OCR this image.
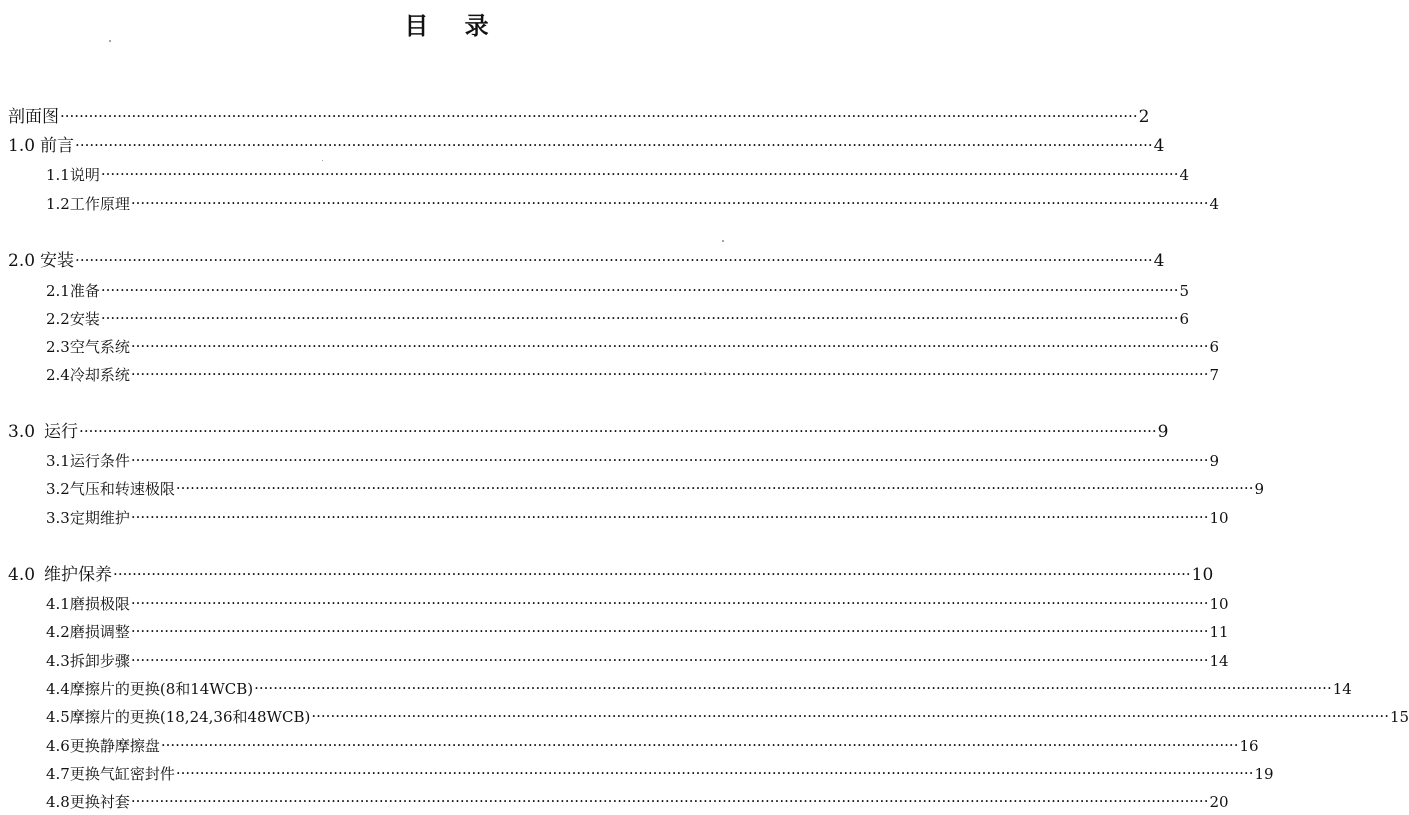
目 录
剖面图 ·····	2
1.0 前言 ·····	4
1.1 说明 ·····	4
1.2 工作原理 ·····	4
2.0 安装 ·····	4
2.1 准备 ·····	5
2.2 安装 ·····	6
2.3 空气系统 ·····	6
2.4 冷却系统 ·····	7
3.0 运行 ·····	9
3.1 运行条件 ·····	9
3.2 气压和转速极限 ·····	9
3.3 定期维护 ·····	10
4.0 维护保养 ·····	10
4.1 磨损极限 ·····	10
4.2 磨损调整 ·····	11
4.3 拆卸步骤 ·····	14
4.4 摩擦片的更换(8和14WCB) ·····	14
4.5 摩擦片的更换(18,24,36和48WCB) ·····	15
4.6 更换静摩擦盘 ·····	16
4.7 更换气缸密封件 ·····	19
4.8 更换衬套 ·····	20
